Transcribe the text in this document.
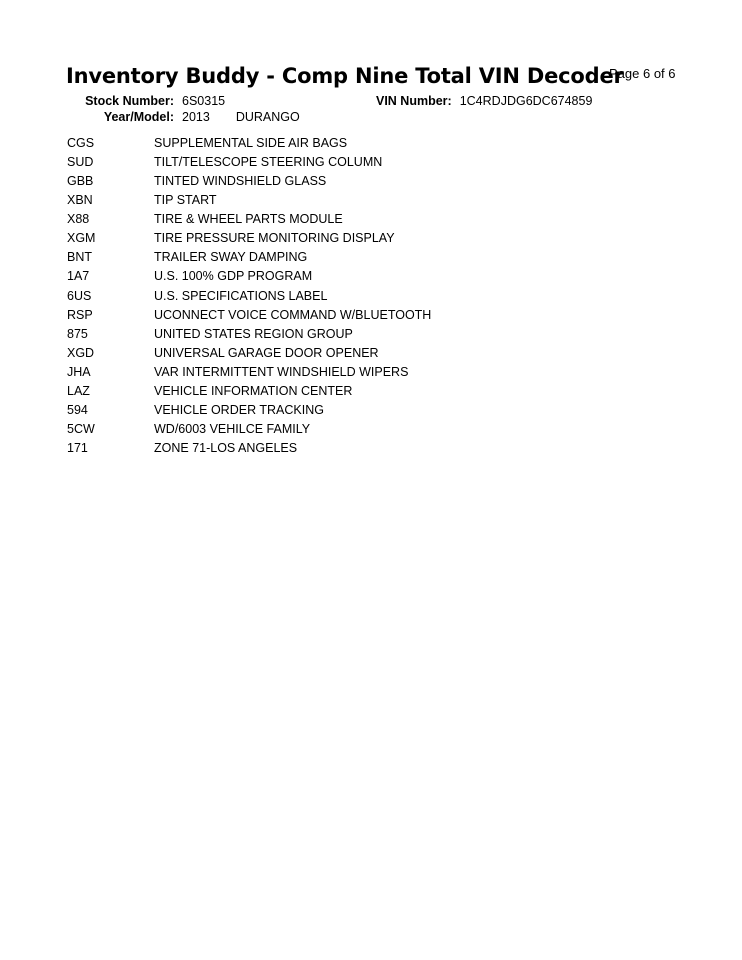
Inventory Buddy - Comp Nine Total VIN Decoder
Page 6 of 6
Stock Number: 6S0315	VIN Number: 1C4RDJDG6DC674859
Year/Model: 2013 DURANGO
CGS	SUPPLEMENTAL SIDE AIR BAGS
SUD	TILT/TELESCOPE STEERING COLUMN
GBB	TINTED WINDSHIELD GLASS
XBN	TIP START
X88	TIRE & WHEEL PARTS MODULE
XGM	TIRE PRESSURE MONITORING DISPLAY
BNT	TRAILER SWAY DAMPING
1A7	U.S. 100% GDP PROGRAM
6US	U.S. SPECIFICATIONS LABEL
RSP	UCONNECT VOICE COMMAND W/BLUETOOTH
875	UNITED STATES REGION GROUP
XGD	UNIVERSAL GARAGE DOOR OPENER
JHA	VAR INTERMITTENT WINDSHIELD WIPERS
LAZ	VEHICLE INFORMATION CENTER
594	VEHICLE ORDER TRACKING
5CW	WD/6003 VEHILCE FAMILY
171	ZONE 71-LOS ANGELES
